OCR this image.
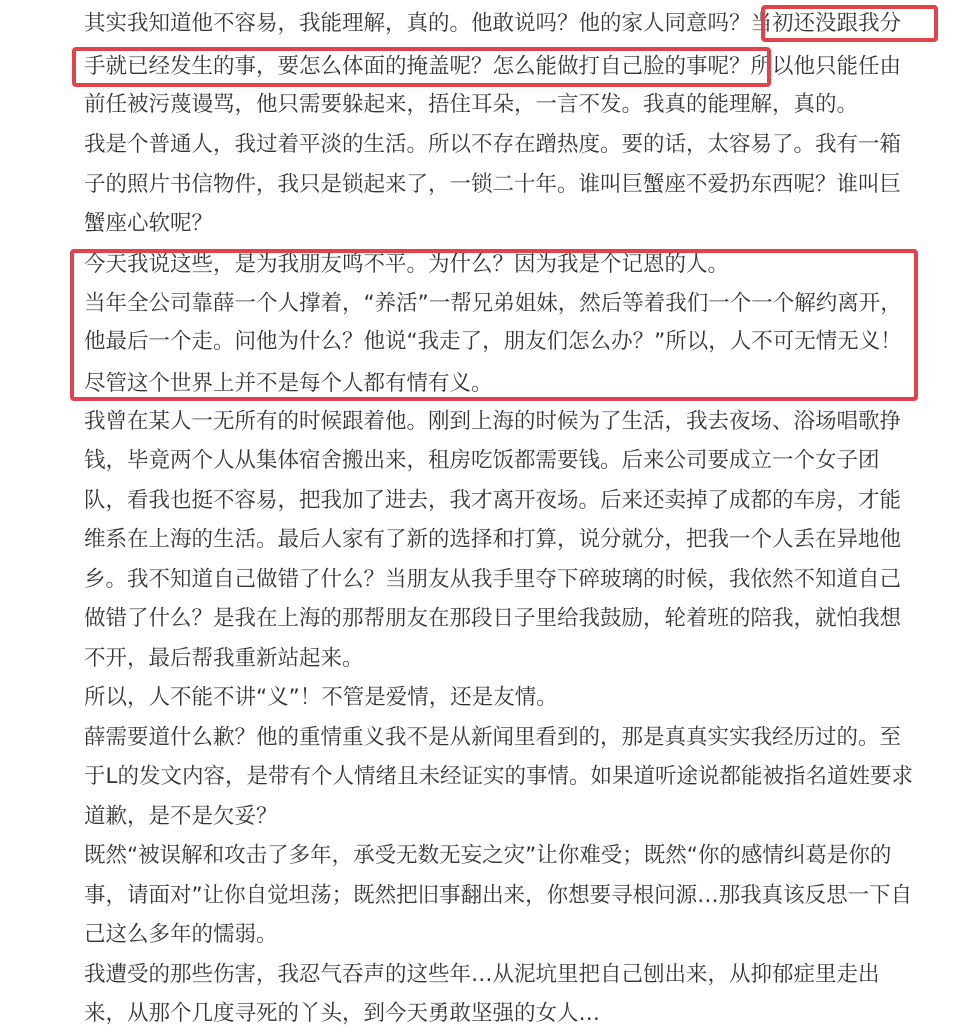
其实我知道他不容易，我能理解，真的。他敢说吗？他的家人同意吗？当初还没跟我分
手就已经发生的事，要怎么体面的掩盖呢？怎么能做打自己脸的事呢？所以他只能任由
前任被污蔑谩骂，他只需要躲起来，捂住耳朵，一言不发。我真的能理解，真的。
我是个普通人，我过着平淡的生活。所以不存在蹭热度。要的话，太容易了。我有一箱
子的照片书信物件，我只是锁起来了，一锁二十年。谁叫巨蟹座不爱扔东西呢？谁叫巨
蟹座心软呢？
今天我说这些，是为我朋友鸣不平。为什么？因为我是个记恩的人。
当年全公司靠薛一个人撑着，“养活”一帮兄弟姐妹，然后等着我们一个一个解约离开，
他最后一个走。问他为什么？他说“我走了，朋友们怎么办？”所以，人不可无情无义！
尽管这个世界上并不是每个人都有情有义。
我曾在某人一无所有的时候跟着他。刚到上海的时候为了生活，我去夜场、浴场唱歌挣
钱，毕竟两个人从集体宿舍搬出来，租房吃饭都需要钱。后来公司要成立一个女子团
队，看我也挺不容易，把我加了进去，我才离开夜场。后来还卖掉了成都的车房，才能
维系在上海的生活。最后人家有了新的选择和打算，说分就分，把我一个人丢在异地他
乡。我不知道自己做错了什么？当朋友从我手里夺下碎玻璃的时候，我依然不知道自己
做错了什么？是我在上海的那帮朋友在那段日子里给我鼓励，轮着班的陪我，就怕我想
不开，最后帮我重新站起来。
所以，人不能不讲“义”！不管是爱情，还是友情。
薛需要道什么歉？他的重情重义我不是从新闻里看到的，那是真真实实我经历过的。至
于L的发文内容，是带有个人情绪且未经证实的事情。如果道听途说都能被指名道姓要求
道歉，是不是欠妥？
既然“被误解和攻击了多年，承受无数无妄之灾”让你难受；既然“你的感情纠葛是你的
事，请面对”让你自觉坦荡；既然把旧事翻出来，你想要寻根问源…那我真该反思一下自
己这么多年的懦弱。
我遭受的那些伤害，我忍气吞声的这些年…从泥坑里把自己刨出来，从抑郁症里走出
来，从那个几度寻死的丫头，到今天勇敢坚强的女人…
